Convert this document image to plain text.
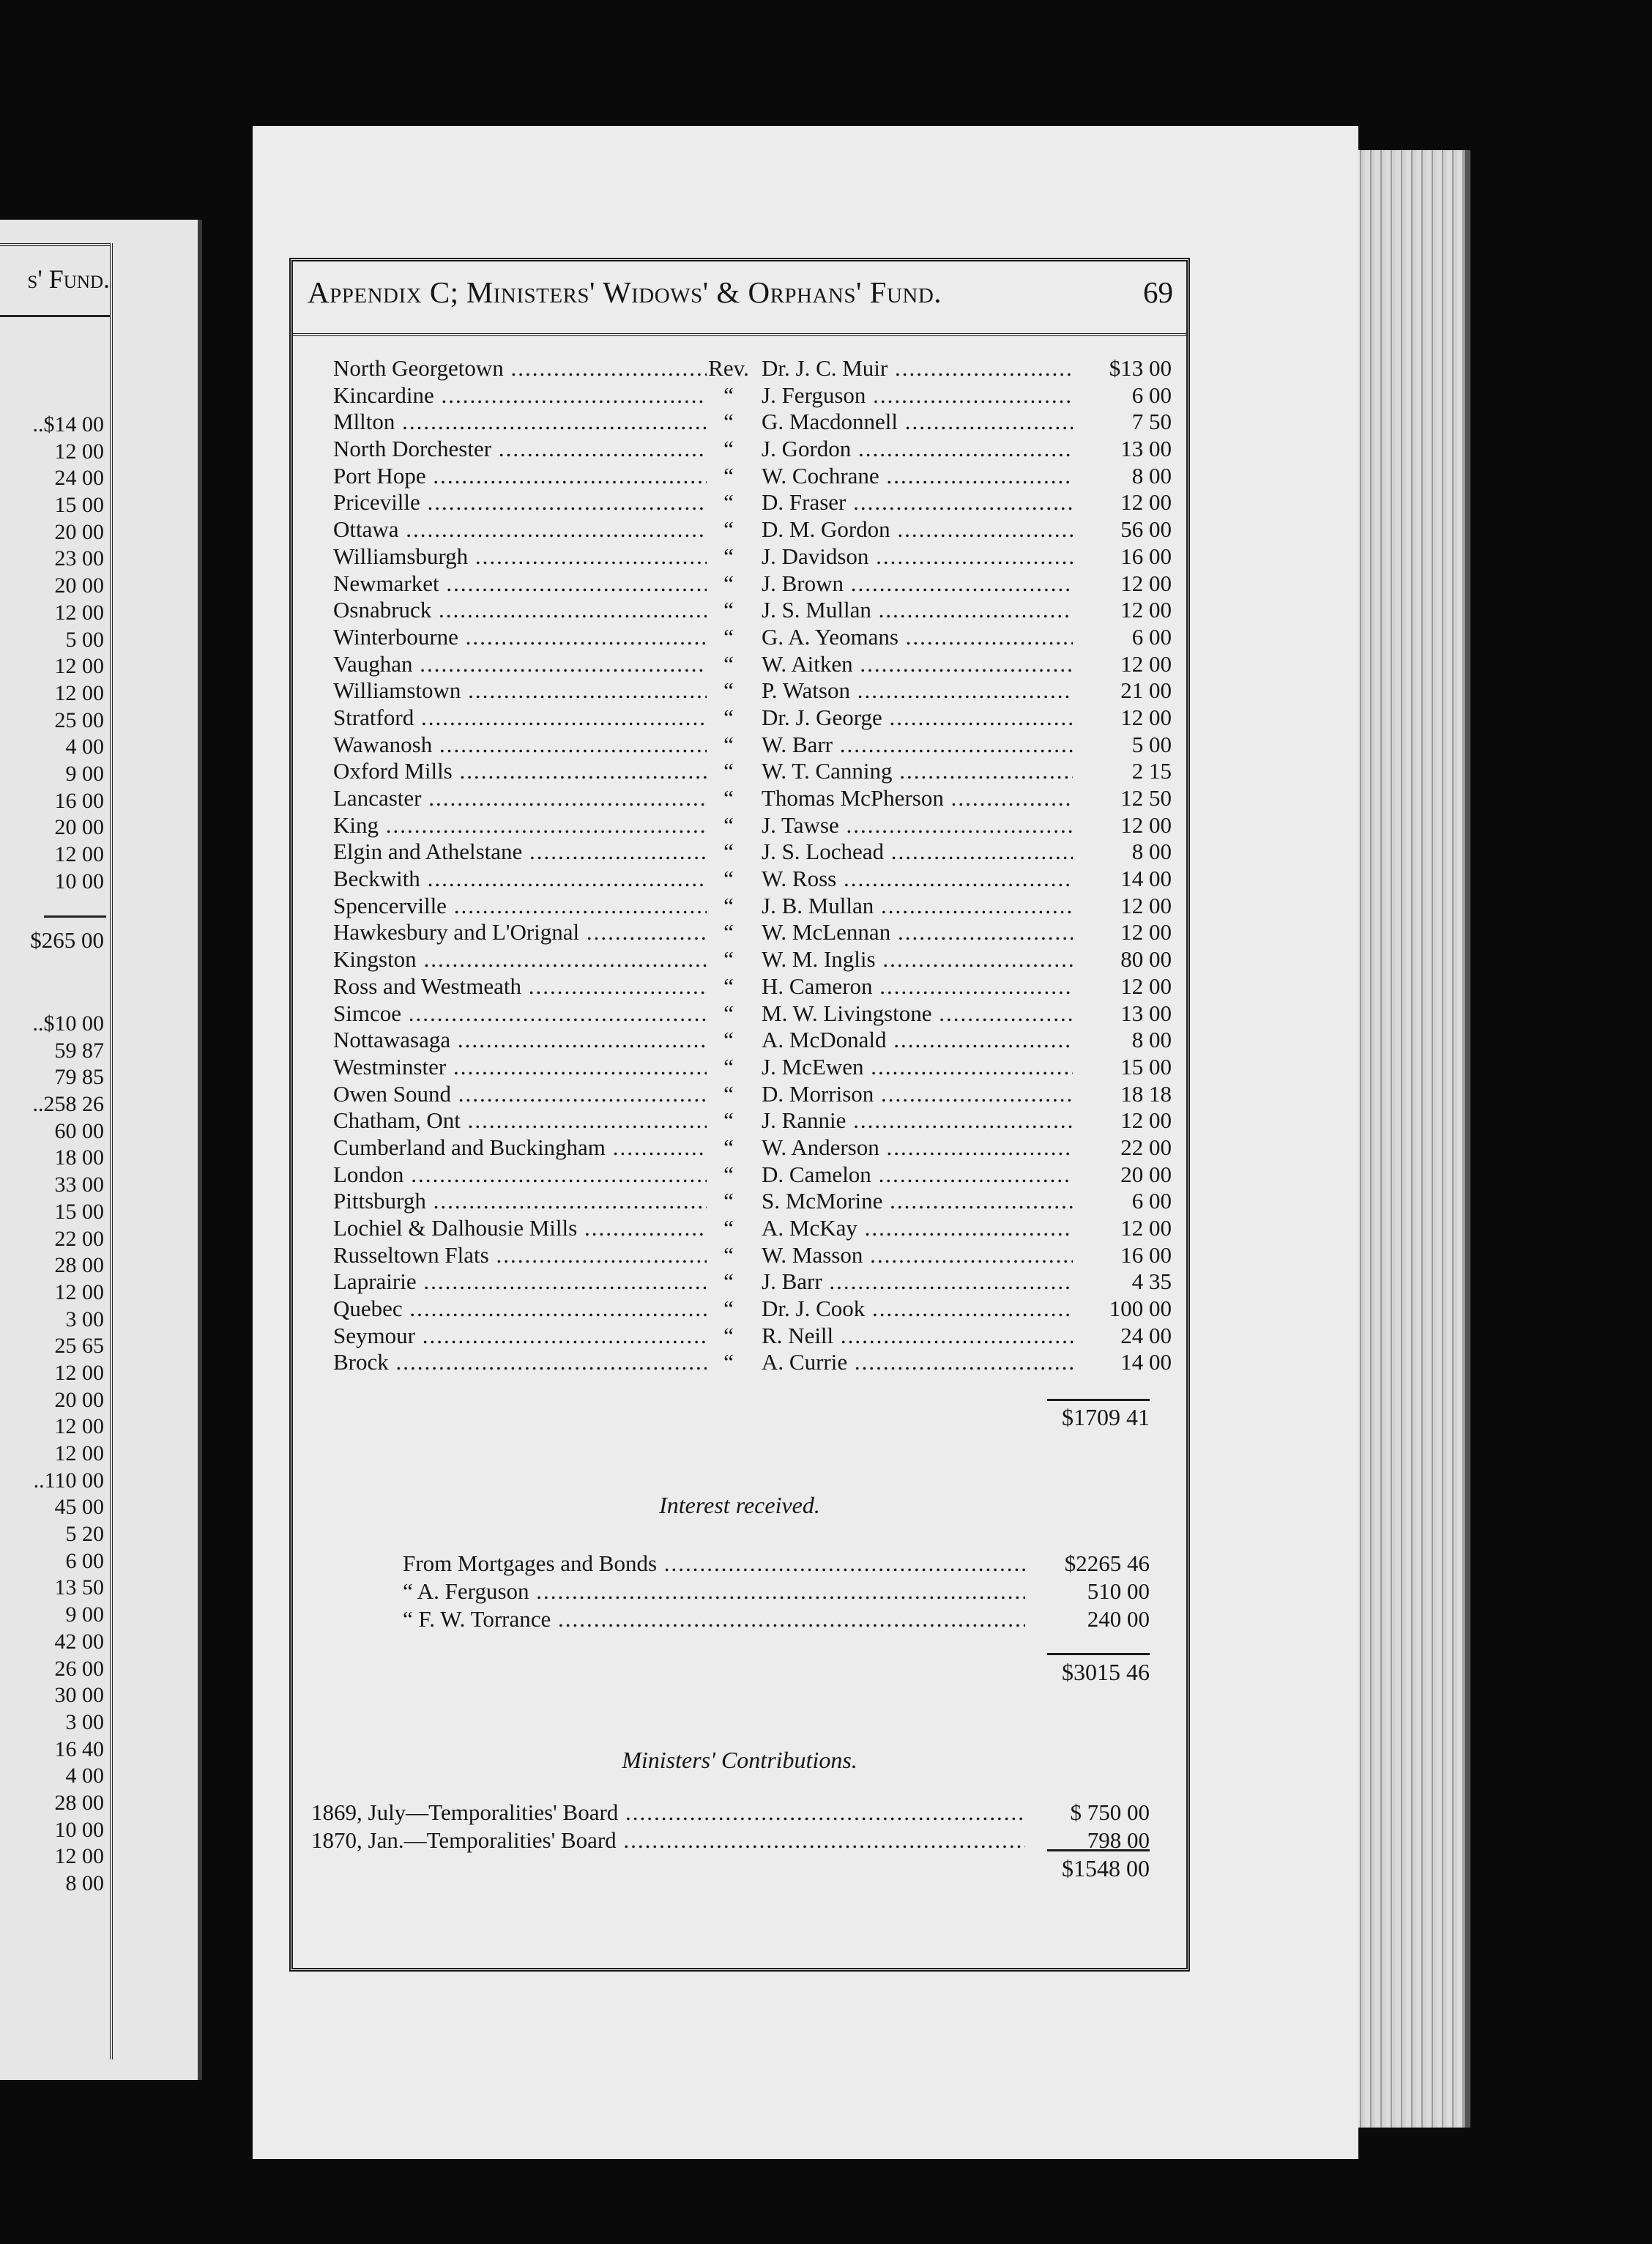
s' Fund.
..$14 00
12 00
24 00
15 00
20 00
23 00
20 00
12 00
5 00
12 00
12 00
25 00
4 00
9 00
16 00
20 00
12 00
10 00
$265 00
..$10 00
59 87
79 85
..258 26
60 00
18 00
33 00
15 00
22 00
28 00
12 00
3 00
25 65
12 00
20 00
12 00
12 00
..110 00
45 00
5 20
6 00
13 50
9 00
42 00
26 00
30 00
3 00
16 40
4 00
28 00
10 00
12 00
8 00
Appendix C; Ministers' Widows' & Orphans' Fund.	69
North Georgetown .....	Rev. Dr. J. C. Muir .....	$13 00
Kincardine .....	“	J. Ferguson .....	6 00
Mllton .....	“	G. Macdonnell .....	7 50
North Dorchester .....	“	J. Gordon .....	13 00
Port Hope .....	“	W. Cochrane .....	8 00
Priceville .....	“	D. Fraser .....	12 00
Ottawa .....	“	D. M. Gordon .....	56 00
Williamsburgh .....	“	J. Davidson .....	16 00
Newmarket .....	“	J. Brown .....	12 00
Osnabruck .....	“	J. S. Mullan .....	12 00
Winterbourne .....	“	G. A. Yeomans .....	6 00
Vaughan .....	“	W. Aitken .....	12 00
Williamstown .....	“	P. Watson .....	21 00
Stratford .....	“	Dr. J. George .....	12 00
Wawanosh .....	“	W. Barr .....	5 00
Oxford Mills .....	“	W. T. Canning .....	2 15
Lancaster .....	“	Thomas McPherson .....	12 50
King .....	“	J. Tawse .....	12 00
Elgin and Athelstane .....	“	J. S. Lochead .....	8 00
Beckwith .....	“	W. Ross .....	14 00
Spencerville .....	“	J. B. Mullan .....	12 00
Hawkesbury and L'Orignal .....	“	W. McLennan .....	12 00
Kingston .....	“	W. M. Inglis .....	80 00
Ross and Westmeath .....	“	H. Cameron .....	12 00
Simcoe .....	“	M. W. Livingstone .....	13 00
Nottawasaga .....	“	A. McDonald .....	8 00
Westminster .....	“	J. McEwen .....	15 00
Owen Sound .....	“	D. Morrison .....	18 18
Chatham, Ont .....	“	J. Rannie .....	12 00
Cumberland and Buckingham .....	“	W. Anderson .....	22 00
London .....	“	D. Camelon .....	20 00
Pittsburgh .....	“	S. McMorine .....	6 00
Lochiel & Dalhousie Mills .....	“	A. McKay .....	12 00
Russeltown Flats .....	“	W. Masson .....	16 00
Laprairie .....	“	J. Barr .....	4 35
Quebec .....	“	Dr. J. Cook .....	100 00
Seymour .....	“	R. Neill .....	24 00
Brock .....	“	A. Currie .....	14 00
$1709 41
Interest received.
From Mortgages and Bonds .....	$2265 46
“ A. Ferguson .....	510 00
“ F. W. Torrance .....	240 00
$3015 46
Ministers' Contributions.
1869, July—Temporalities' Board .....	$ 750 00
1870, Jan.—Temporalities' Board .....	798 00
$1548 00
